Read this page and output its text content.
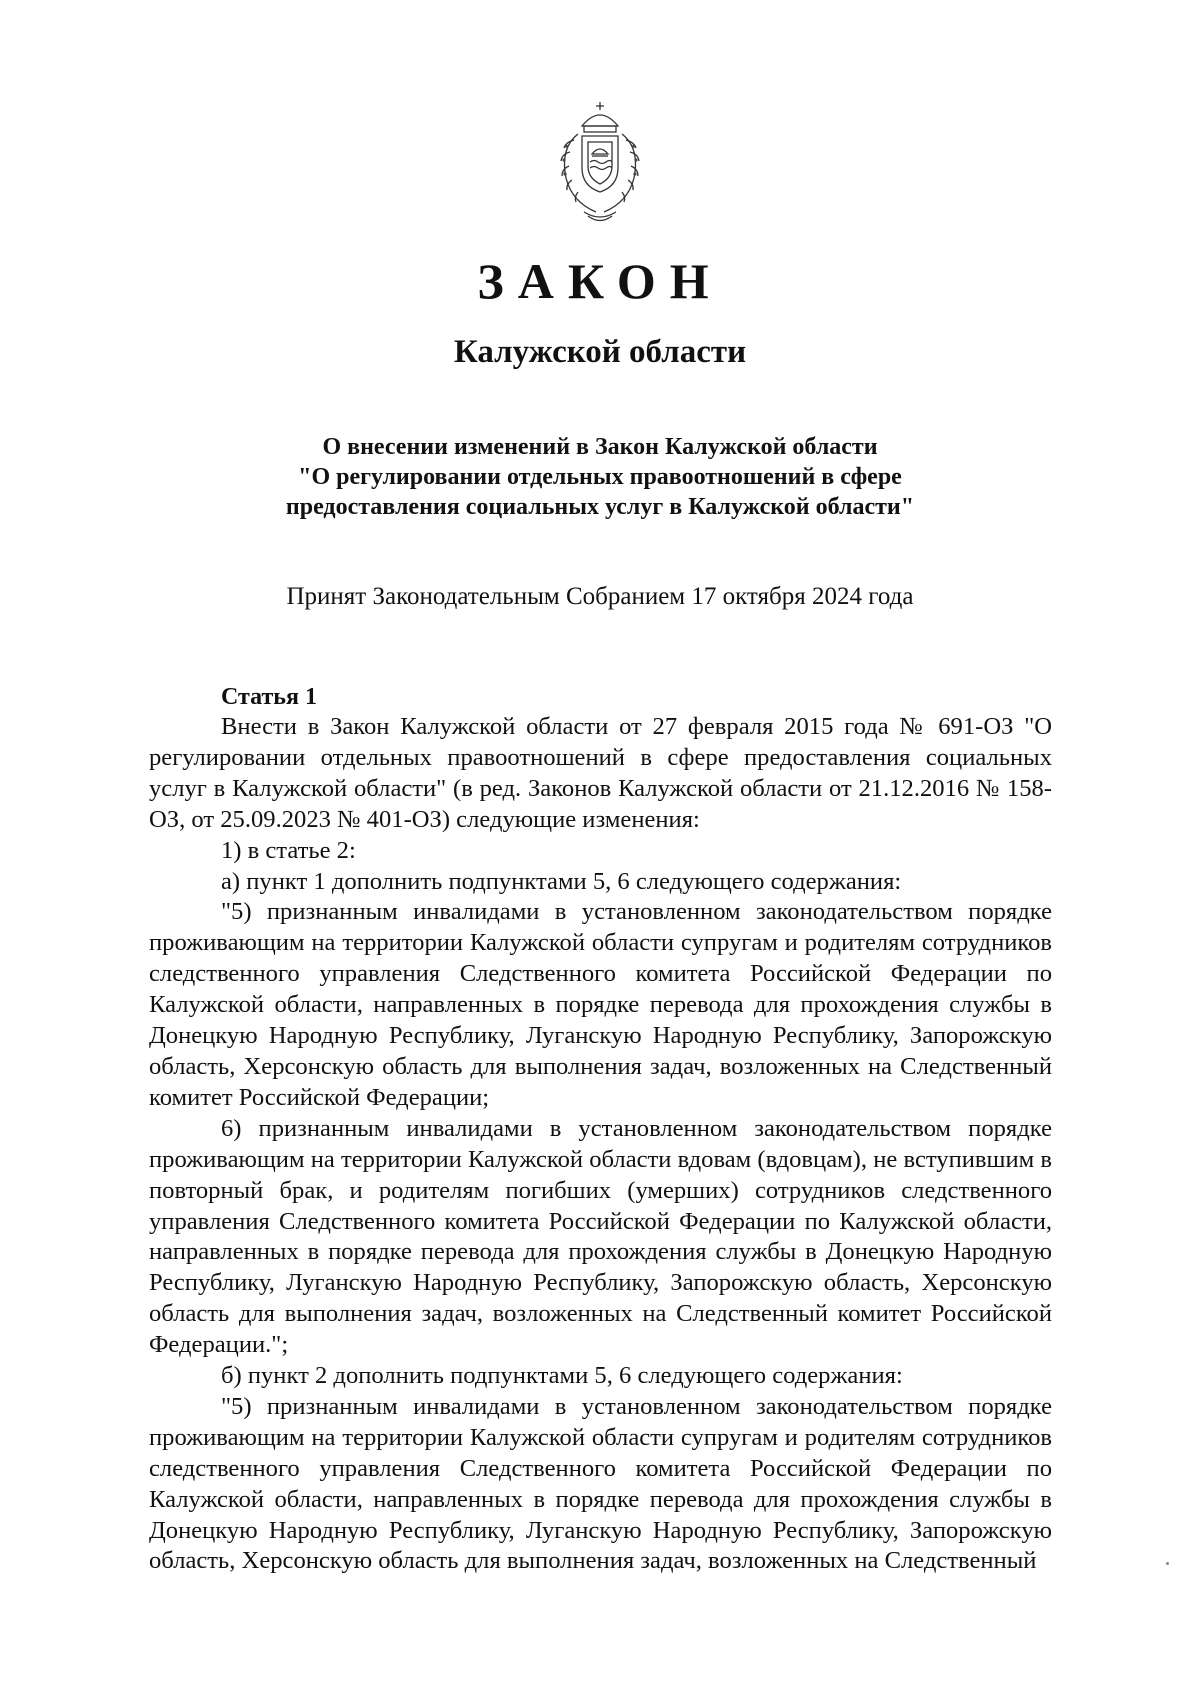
ЗАКОН
Калужской области
О внесении изменений в Закон Калужской области
"О регулировании отдельных правоотношений в сфере
предоставления социальных услуг в Калужской области"
Принят Законодательным Собранием 17 октября 2024 года
Статья 1

Внести в Закон Калужской области от 27 февраля 2015 года № 691-ОЗ "О регулировании отдельных правоотношений в сфере предоставления социальных услуг в Калужской области" (в ред. Законов Калужской области от 21.12.2016 № 158-ОЗ, от 25.09.2023 № 401-ОЗ) следующие изменения:

1) в статье 2:

а) пункт 1 дополнить подпунктами 5, 6 следующего содержания:

"5) признанным инвалидами в установленном законодательством порядке проживающим на территории Калужской области супругам и родителям сотрудников следственного управления Следственного комитета Российской Федерации по Калужской области, направленных в порядке перевода для прохождения службы в Донецкую Народную Республику, Луганскую Народную Республику, Запорожскую область, Херсонскую область для выполнения задач, возложенных на Следственный комитет Российской Федерации;

6) признанным инвалидами в установленном законодательством порядке проживающим на территории Калужской области вдовам (вдовцам), не вступившим в повторный брак, и родителям погибших (умерших) сотрудников следственного управления Следственного комитета Российской Федерации по Калужской области, направленных в порядке перевода для прохождения службы в Донецкую Народную Республику, Луганскую Народную Республику, Запорожскую область, Херсонскую область для выполнения задач, возложенных на Следственный комитет Российской Федерации.";

б) пункт 2 дополнить подпунктами 5, 6 следующего содержания:

"5) признанным инвалидами в установленном законодательством порядке проживающим на территории Калужской области супругам и родителям сотрудников следственного управления Следственного комитета Российской Федерации по Калужской области, направленных в порядке перевода для прохождения службы в Донецкую Народную Республику, Луганскую Народную Республику, Запорожскую область, Херсонскую область для выполнения задач, возложенных на Следственный
